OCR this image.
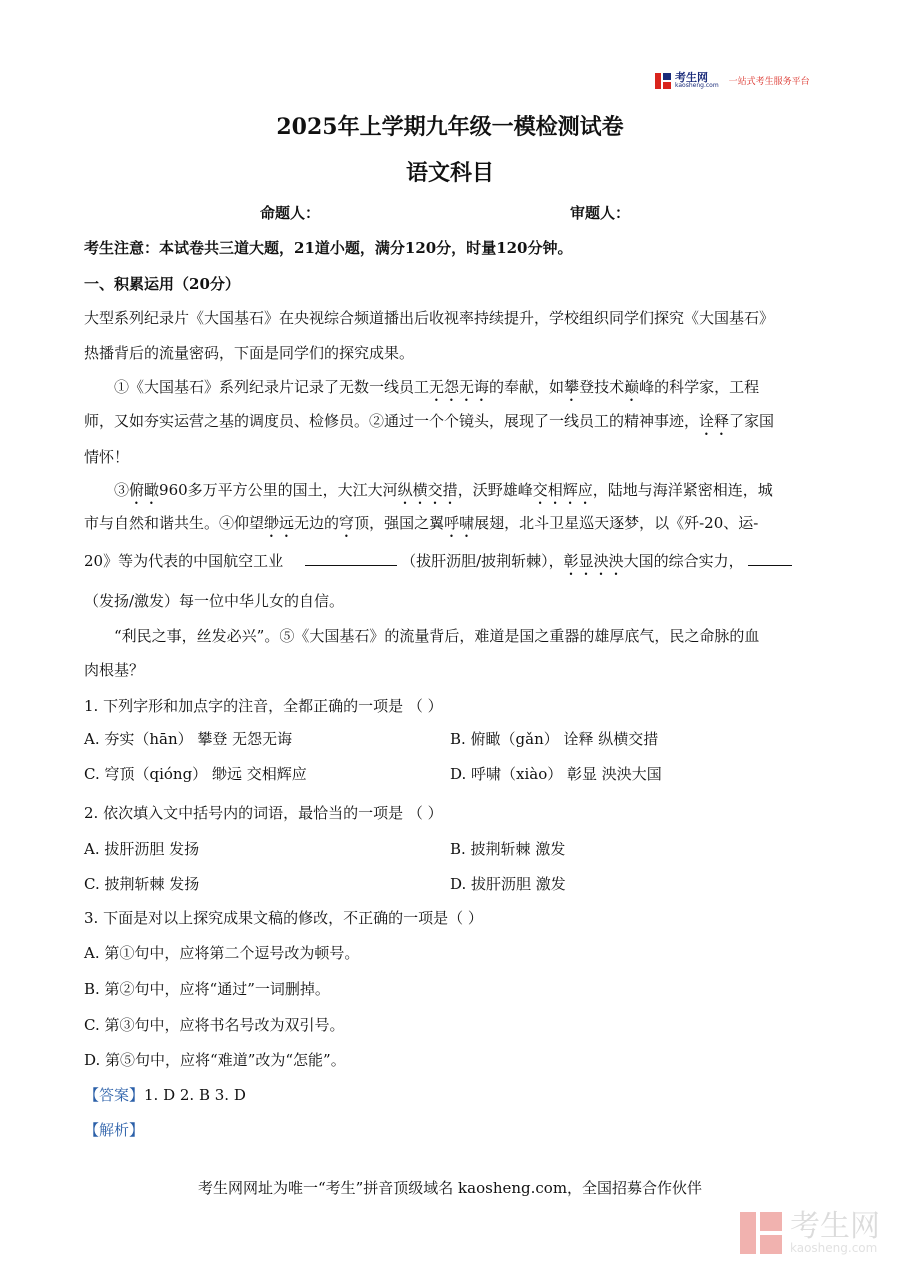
考生网
kaosheng.com 一站式考生服务平台
2025年上学期九年级一模检测试卷
语文科目
命题人：	审题人：
考生注意：本试卷共三道大题，21道小题，满分120分，时量120分钟。
一、积累运用（20分）
大型系列纪录片《大国基石》在央视综合频道播出后收视率持续提升，学校组织同学们探究《大国基石》
热播背后的流量密码，下面是同学们的探究成果。
①《大国基石》系列纪录片记录了无数一线员工无怨无诲的奉献，如攀登技术巅峰的科学家，工程
师，又如夯实运营之基的调度员、检修员。②通过一个个镜头，展现了一线员工的精神事迹，诠释了家国
情怀！
③俯瞰960多万平方公里的国土，大江大河纵横交措，沃野雄峰交相辉应，陆地与海洋紧密相连，城
市与自然和谐共生。④仰望缈远无边的穹顶，强国之翼呼啸展翅，北斗卫星巡天逐梦，以《歼-20、运-
20》等为代表的中国航空工业	（拔肝沥胆/披荆斩棘），彰显泱泱大国的综合实力，
（发扬/激发）每一位中华儿女的自信。
“利民之事，丝发必兴”。⑤《大国基石》的流量背后，难道是国之重器的雄厚底气，民之命脉的血
肉根基？
1. 下列字形和加点字的注音，全都正确的一项是 （ ）
A. 夯实（hān） 攀登 无怨无诲	B. 俯瞰（gǎn） 诠释 纵横交措
C. 穹顶（qióng） 缈远 交相辉应	D. 呼啸（xiào） 彰显 泱泱大国
2. 依次填入文中括号内的词语，最恰当的一项是 （ ）
A. 拔肝沥胆 发扬	B. 披荆斩棘 激发
C. 披荆斩棘 发扬	D. 拔肝沥胆 激发
3. 下面是对以上探究成果文稿的修改，不正确的一项是（ ）
A. 第①句中，应将第二个逗号改为顿号。
B. 第②句中，应将“通过”一词删掉。
C. 第③句中，应将书名号改为双引号。
D. 第⑤句中，应将“难道”改为“怎能”。
【答案】1. D 2. B 3. D
【解析】
考生网网址为唯一“考生”拼音顶级域名 kaosheng.com，全国招募合作伙伴
考生网
kaosheng.com
